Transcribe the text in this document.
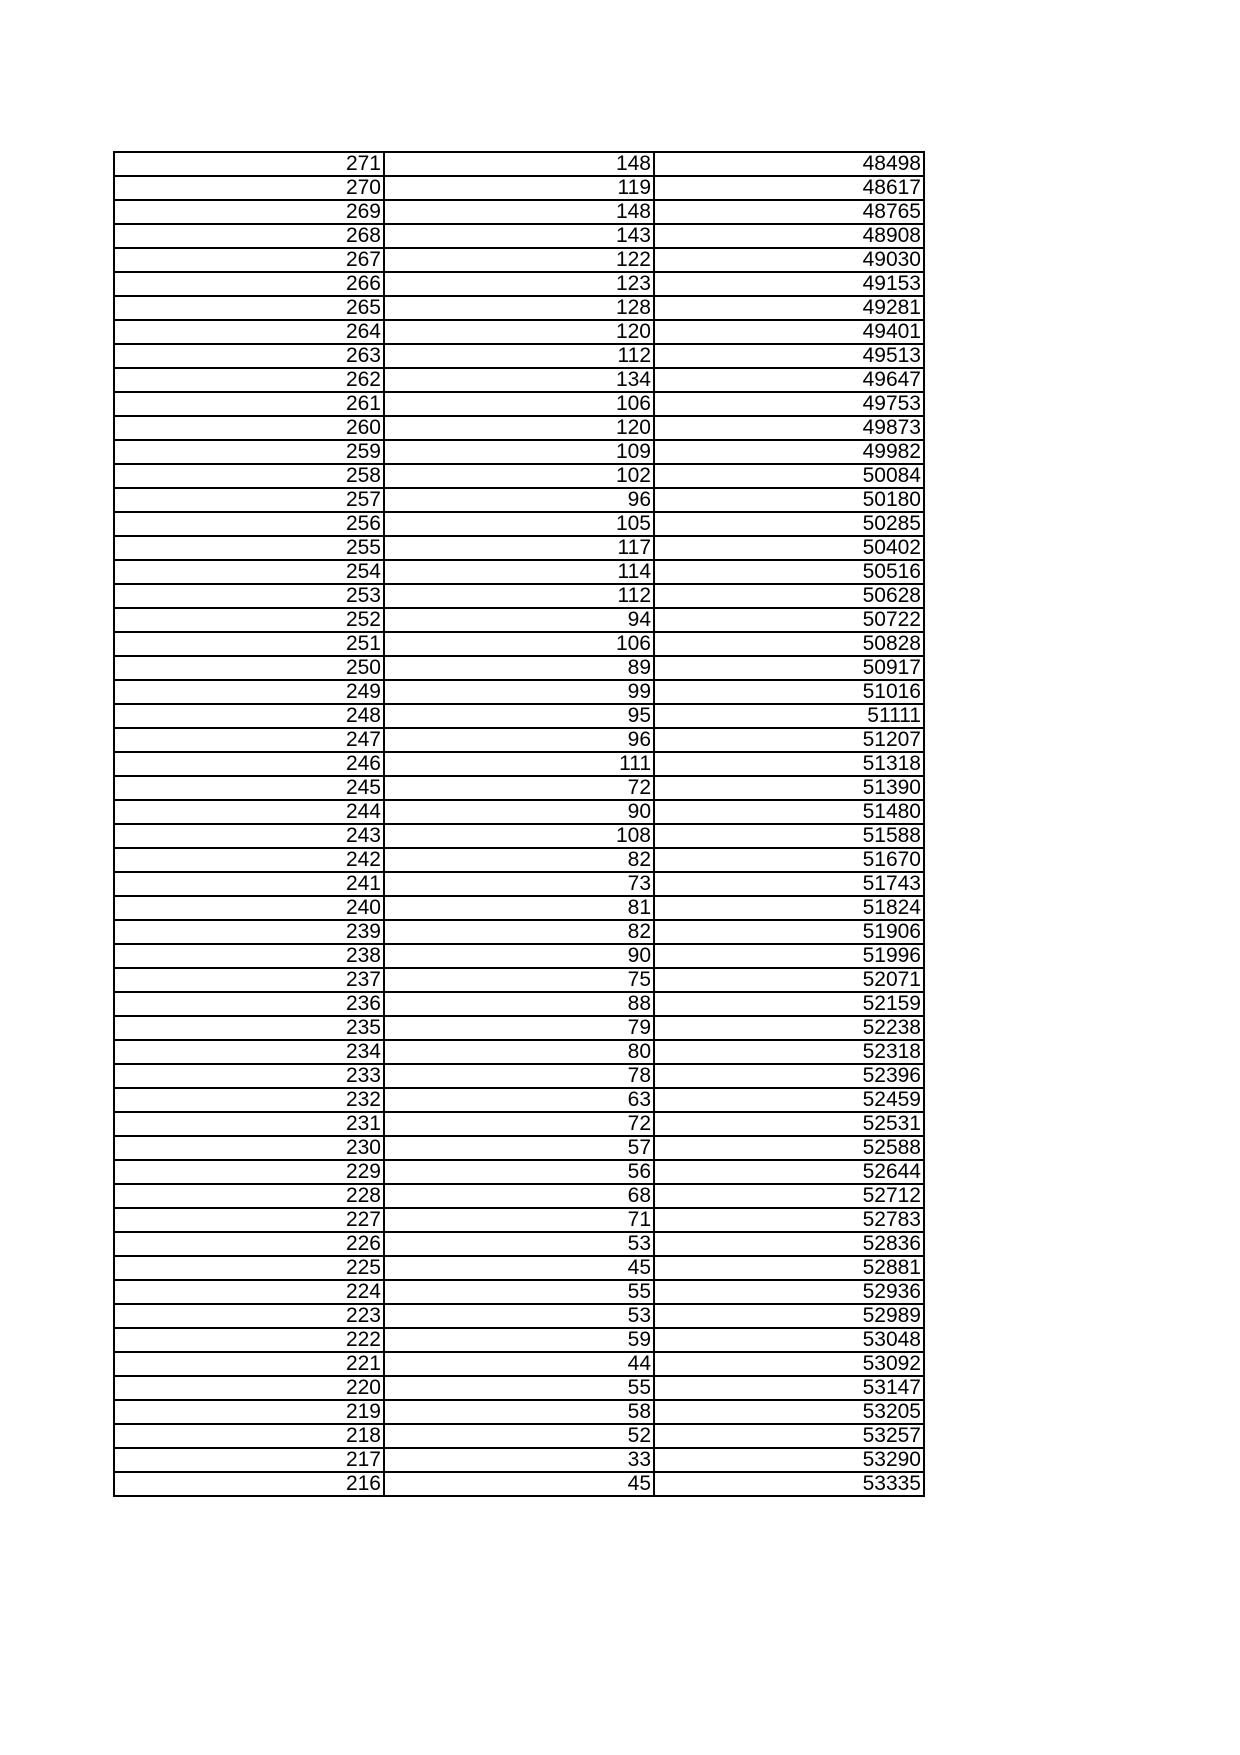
271	148	48498
270	119	48617
269	148	48765
268	143	48908
267	122	49030
266	123	49153
265	128	49281
264	120	49401
263	112	49513
262	134	49647
261	106	49753
260	120	49873
259	109	49982
258	102	50084
257	96	50180
256	105	50285
255	117	50402
254	114	50516
253	112	50628
252	94	50722
251	106	50828
250	89	50917
249	99	51016
248	95	51111
247	96	51207
246	111	51318
245	72	51390
244	90	51480
243	108	51588
242	82	51670
241	73	51743
240	81	51824
239	82	51906
238	90	51996
237	75	52071
236	88	52159
235	79	52238
234	80	52318
233	78	52396
232	63	52459
231	72	52531
230	57	52588
229	56	52644
228	68	52712
227	71	52783
226	53	52836
225	45	52881
224	55	52936
223	53	52989
222	59	53048
221	44	53092
220	55	53147
219	58	53205
218	52	53257
217	33	53290
216	45	53335
